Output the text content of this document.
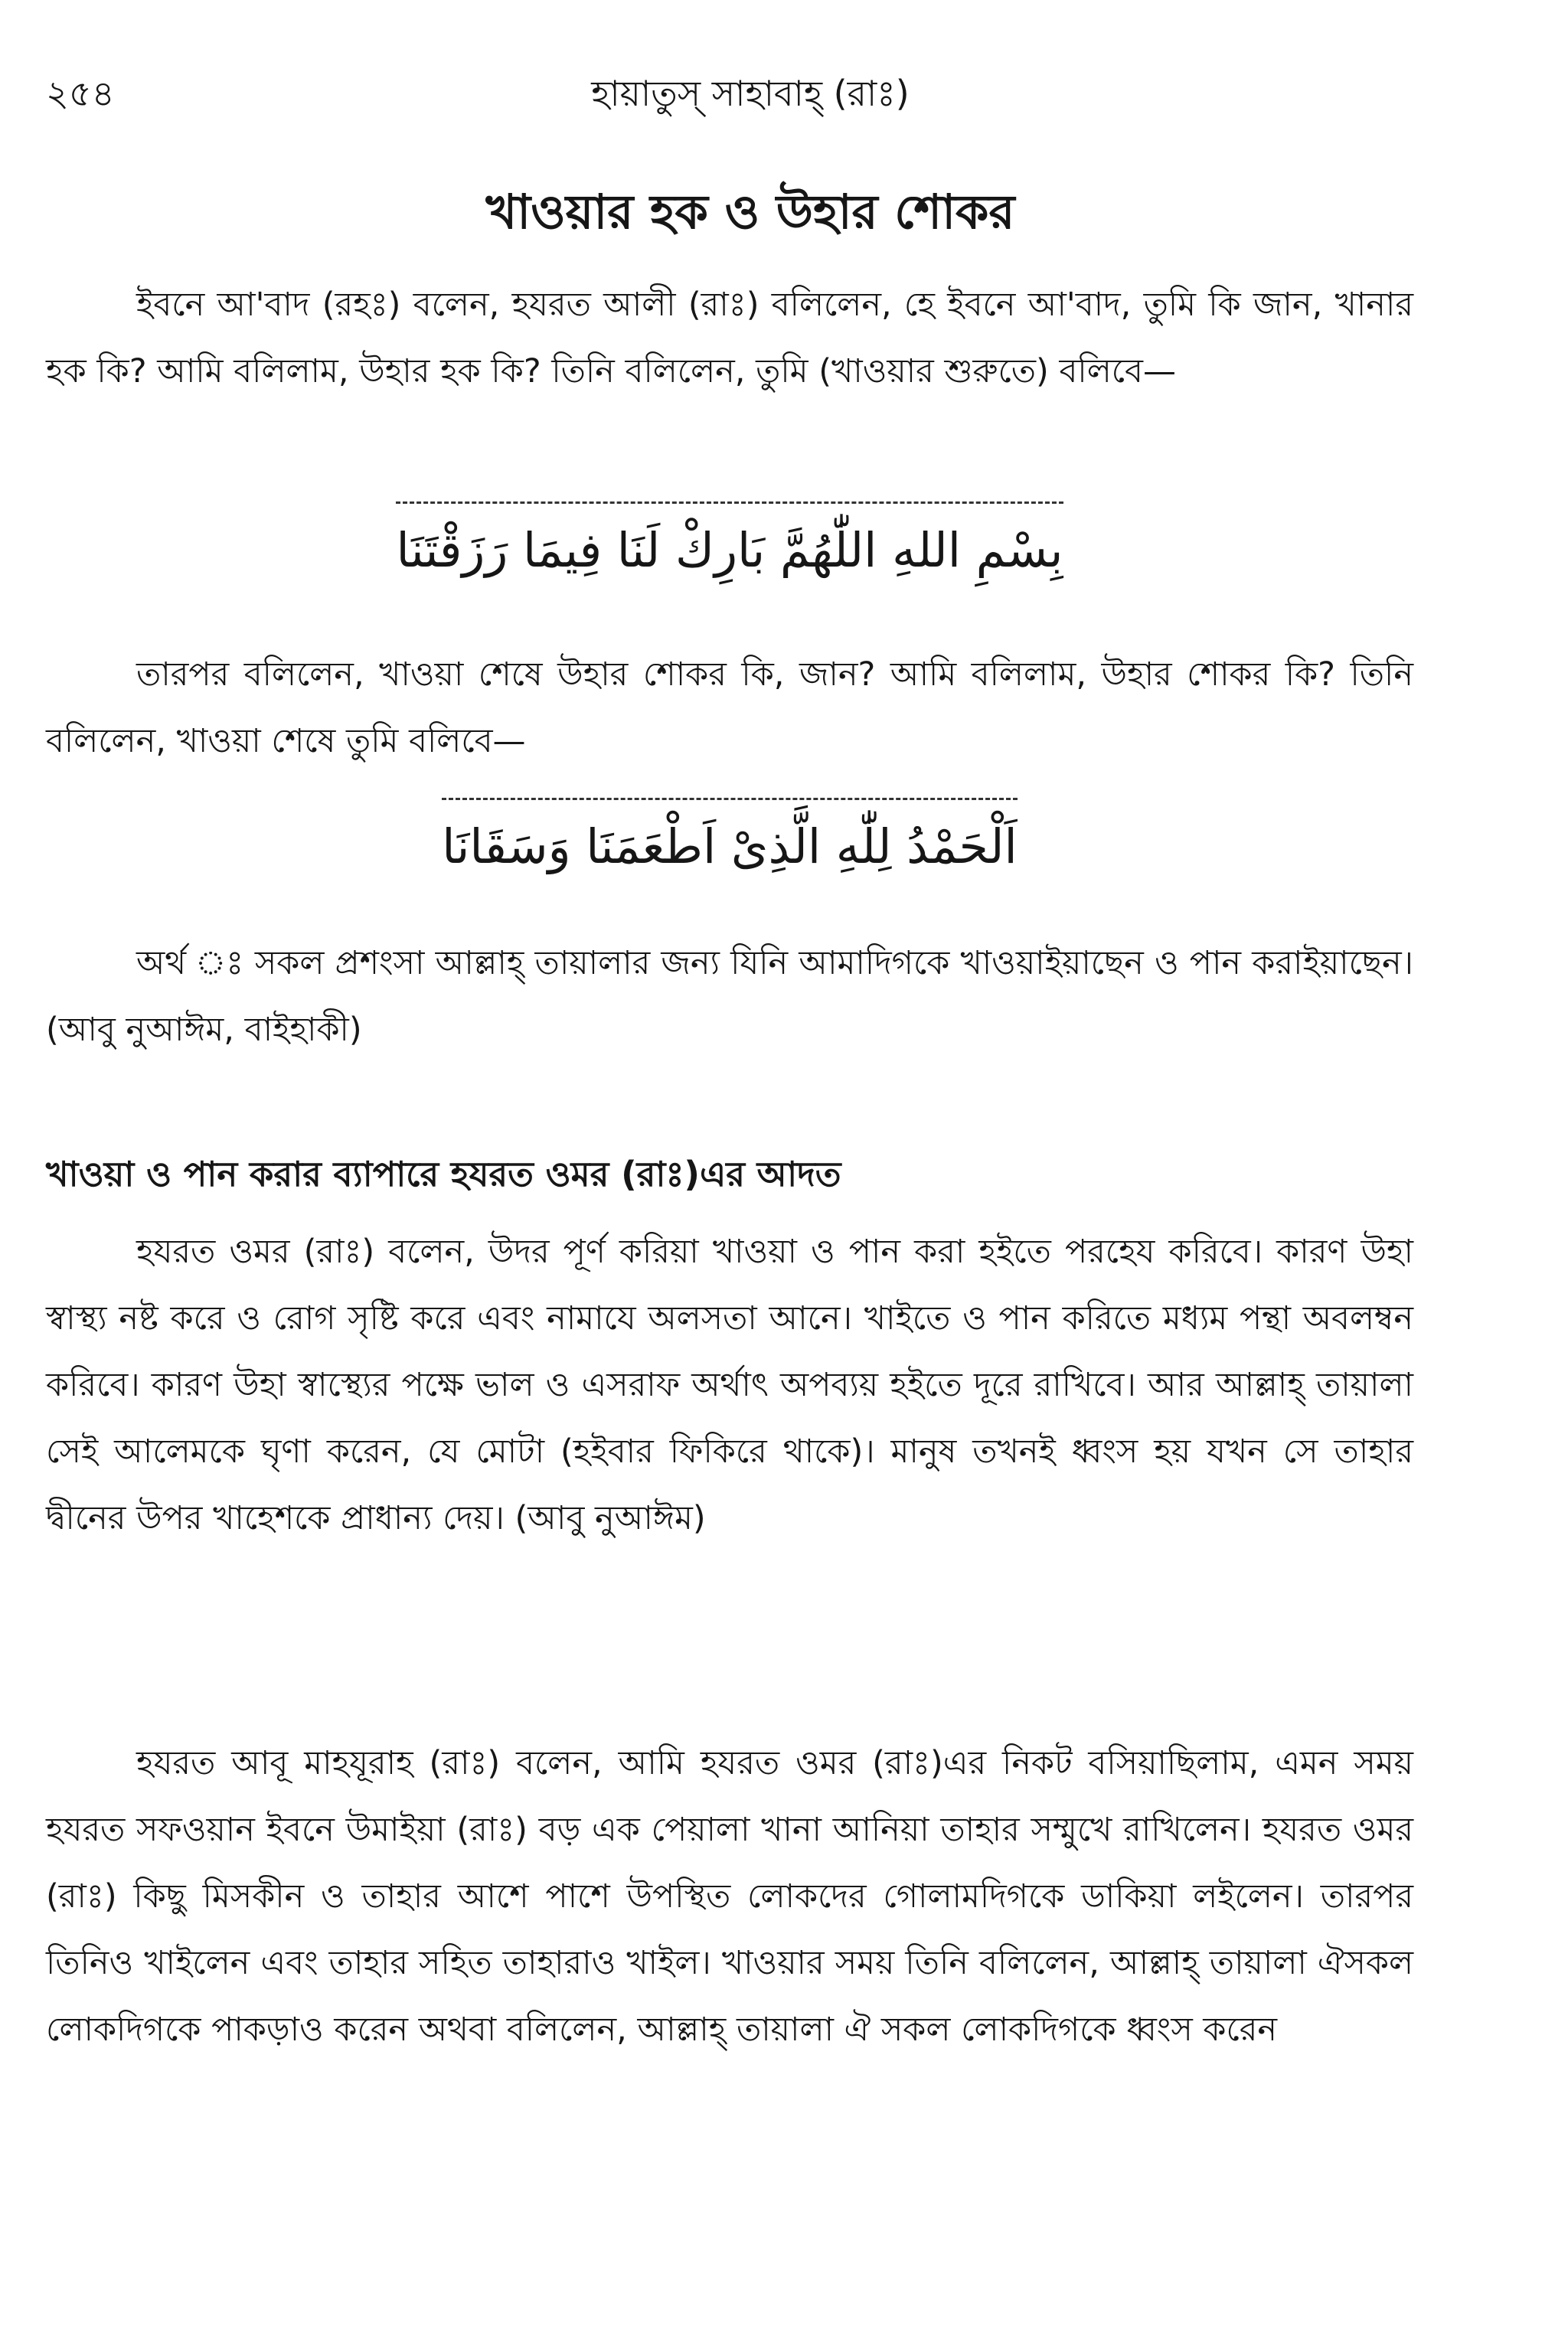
২৫৪	হায়াতুস্ সাহাবাহ্ (রাঃ)
খাওয়ার হক ও উহার শোকর

ইবনে আ'বাদ (রহঃ) বলেন, হযরত আলী (রাঃ) বলিলেন, হে ইবনে আ'বাদ, তুমি কি জান, খানার হক কি? আমি বলিলাম, উহার হক কি? তিনি বলিলেন, তুমি (খাওয়ার শুরুতে) বলিবে—

بِسْمِ اللهِ اللّٰهُمَّ بَارِكْ لَنَا فِيمَا رَزَقْتَنَا

তারপর বলিলেন, খাওয়া শেষে উহার শোকর কি, জান? আমি বলিলাম, উহার শোকর কি? তিনি বলিলেন, খাওয়া শেষে তুমি বলিবে—

اَلْحَمْدُ لِلّٰهِ الَّذِىْ اَطْعَمَنَا وَسَقَانَا

অর্থ ঃ সকল প্রশংসা আল্লাহ্ তায়ালার জন্য যিনি আমাদিগকে খাওয়াইয়াছেন ও পান করাইয়াছেন। (আবু নুআঈম, বাইহাকী)

খাওয়া ও পান করার ব্যাপারে হযরত ওমর (রাঃ)এর আদত

হযরত ওমর (রাঃ) বলেন, উদর পূর্ণ করিয়া খাওয়া ও পান করা হইতে পরহেয করিবে। কারণ উহা স্বাস্থ্য নষ্ট করে ও রোগ সৃষ্টি করে এবং নামাযে অলসতা আনে। খাইতে ও পান করিতে মধ্যম পন্থা অবলম্বন করিবে। কারণ উহা স্বাস্থ্যের পক্ষে ভাল ও এসরাফ অর্থাৎ অপব্যয় হইতে দূরে রাখিবে। আর আল্লাহ্ তায়ালা সেই আলেমকে ঘৃণা করেন, যে মোটা (হইবার ফিকিরে থাকে)। মানুষ তখনই ধ্বংস হয় যখন সে তাহার দ্বীনের উপর খাহেশকে প্রাধান্য দেয়। (আবু নুআঈম)

হযরত আবূ মাহযূরাহ (রাঃ) বলেন, আমি হযরত ওমর (রাঃ)এর নিকট বসিয়াছিলাম, এমন সময় হযরত সফওয়ান ইবনে উমাইয়া (রাঃ) বড় এক পেয়ালা খানা আনিয়া তাহার সম্মুখে রাখিলেন। হযরত ওমর (রাঃ) কিছু মিসকীন ও তাহার আশে পাশে উপস্থিত লোকদের গোলামদিগকে ডাকিয়া লইলেন। তারপর তিনিও খাইলেন এবং তাহার সহিত তাহারাও খাইল। খাওয়ার সময় তিনি বলিলেন, আল্লাহ্ তায়ালা ঐসকল লোকদিগকে পাকড়াও করেন অথবা বলিলেন, আল্লাহ্ তায়ালা ঐ সকল লোকদিগকে ধ্বংস করেন
